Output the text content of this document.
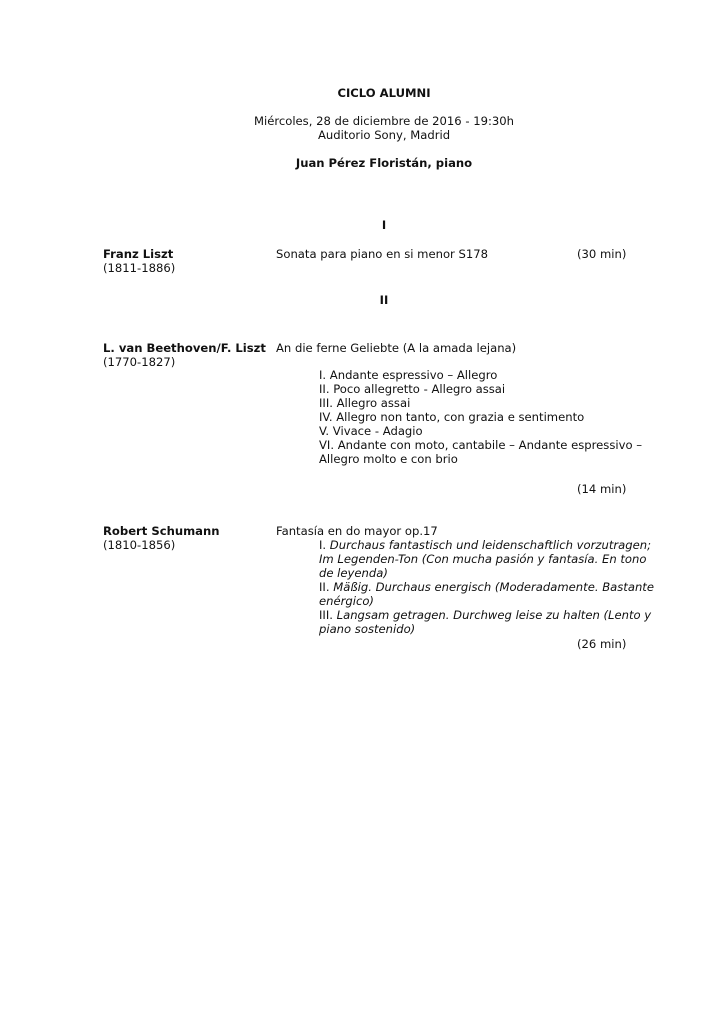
CICLO ALUMNI
Miércoles, 28 de diciembre de 2016 - 19:30h
Auditorio Sony, Madrid
Juan Pérez Floristán, piano
I
Franz Liszt
(1811-1886)
Sonata para piano en si menor S178	(30 min)
II
L. van Beethoven/F. Liszt
(1770-1827)
An die ferne Geliebte (A la amada lejana)
I. Andante espressivo – Allegro
II. Poco allegretto - Allegro assai
III. Allegro assai
IV. Allegro non tanto, con grazia e sentimento
V. Vivace - Adagio
VI. Andante con moto, cantabile – Andante espressivo – Allegro molto e con brio
(14 min)
Robert Schumann
(1810-1856)
Fantasía en do mayor op.17
I. Durchaus fantastisch und leidenschaftlich vorzutragen; Im Legenden-Ton (Con mucha pasión y fantasía. En tono de leyenda)
II. Mäßig. Durchaus energisch (Moderadamente. Bastante enérgico)
III. Langsam getragen. Durchweg leise zu halten (Lento y piano sostenido)
(26 min)
